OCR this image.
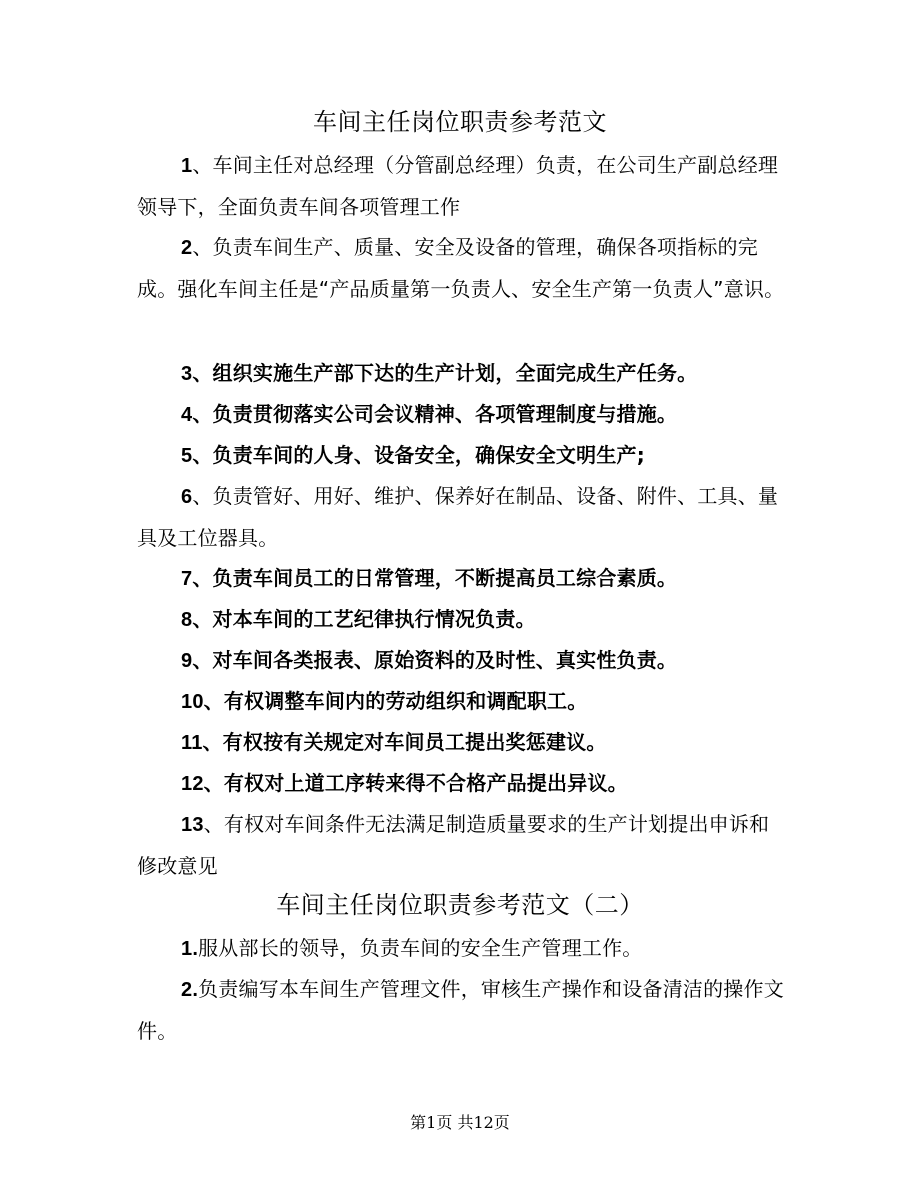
车间主任岗位职责参考范文

1、车间主任对总经理（分管副总经理）负责，在公司生产副总经理领导下，全面负责车间各项管理工作

2、负责车间生产、质量、安全及设备的管理，确保各项指标的完成。强化车间主任是“产品质量第一负责人、安全生产第一负责人”意识。

3、组织实施生产部下达的生产计划，全面完成生产任务。

4、负责贯彻落实公司会议精神、各项管理制度与措施。

5、负责车间的人身、设备安全，确保安全文明生产;

6、负责管好、用好、维护、保养好在制品、设备、附件、工具、量具及工位器具。

7、负责车间员工的日常管理，不断提高员工综合素质。

8、对本车间的工艺纪律执行情况负责。

9、对车间各类报表、原始资料的及时性、真实性负责。

10、有权调整车间内的劳动组织和调配职工。

11、有权按有关规定对车间员工提出奖惩建议。

12、有权对上道工序转来得不合格产品提出异议。

13、有权对车间条件无法满足制造质量要求的生产计划提出申诉和修改意见

车间主任岗位职责参考范文（二）

1.服从部长的领导，负责车间的安全生产管理工作。

2.负责编写本车间生产管理文件，审核生产操作和设备清洁的操作文件。

第1页 共12页
